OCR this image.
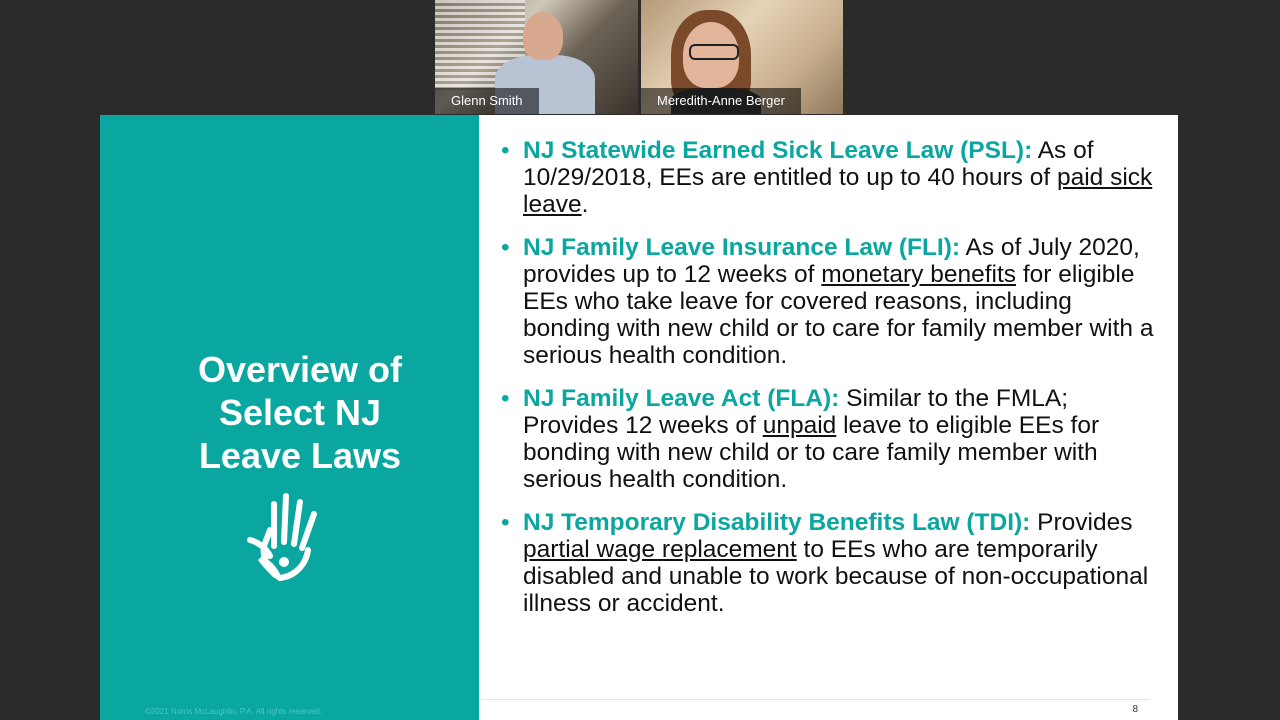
Glenn Smith	Meredith-Anne Berger
Overview of
Select NJ
Leave Laws
©2021 Norris McLaughlin, P.A. All rights reserved.
• NJ Statewide Earned Sick Leave Law (PSL): As of 10/29/2018, EEs are entitled to up to 40 hours of paid sick leave.
• NJ Family Leave Insurance Law (FLI): As of July 2020, provides up to 12 weeks of monetary benefits for eligible EEs who take leave for covered reasons, including bonding with new child or to care for family member with a serious health condition.
• NJ Family Leave Act (FLA): Similar to the FMLA; Provides 12 weeks of unpaid leave to eligible EEs for bonding with new child or to care family member with serious health condition.
• NJ Temporary Disability Benefits Law (TDI): Provides partial wage replacement to EEs who are temporarily disabled and unable to work because of non-occupational illness or accident.
8
